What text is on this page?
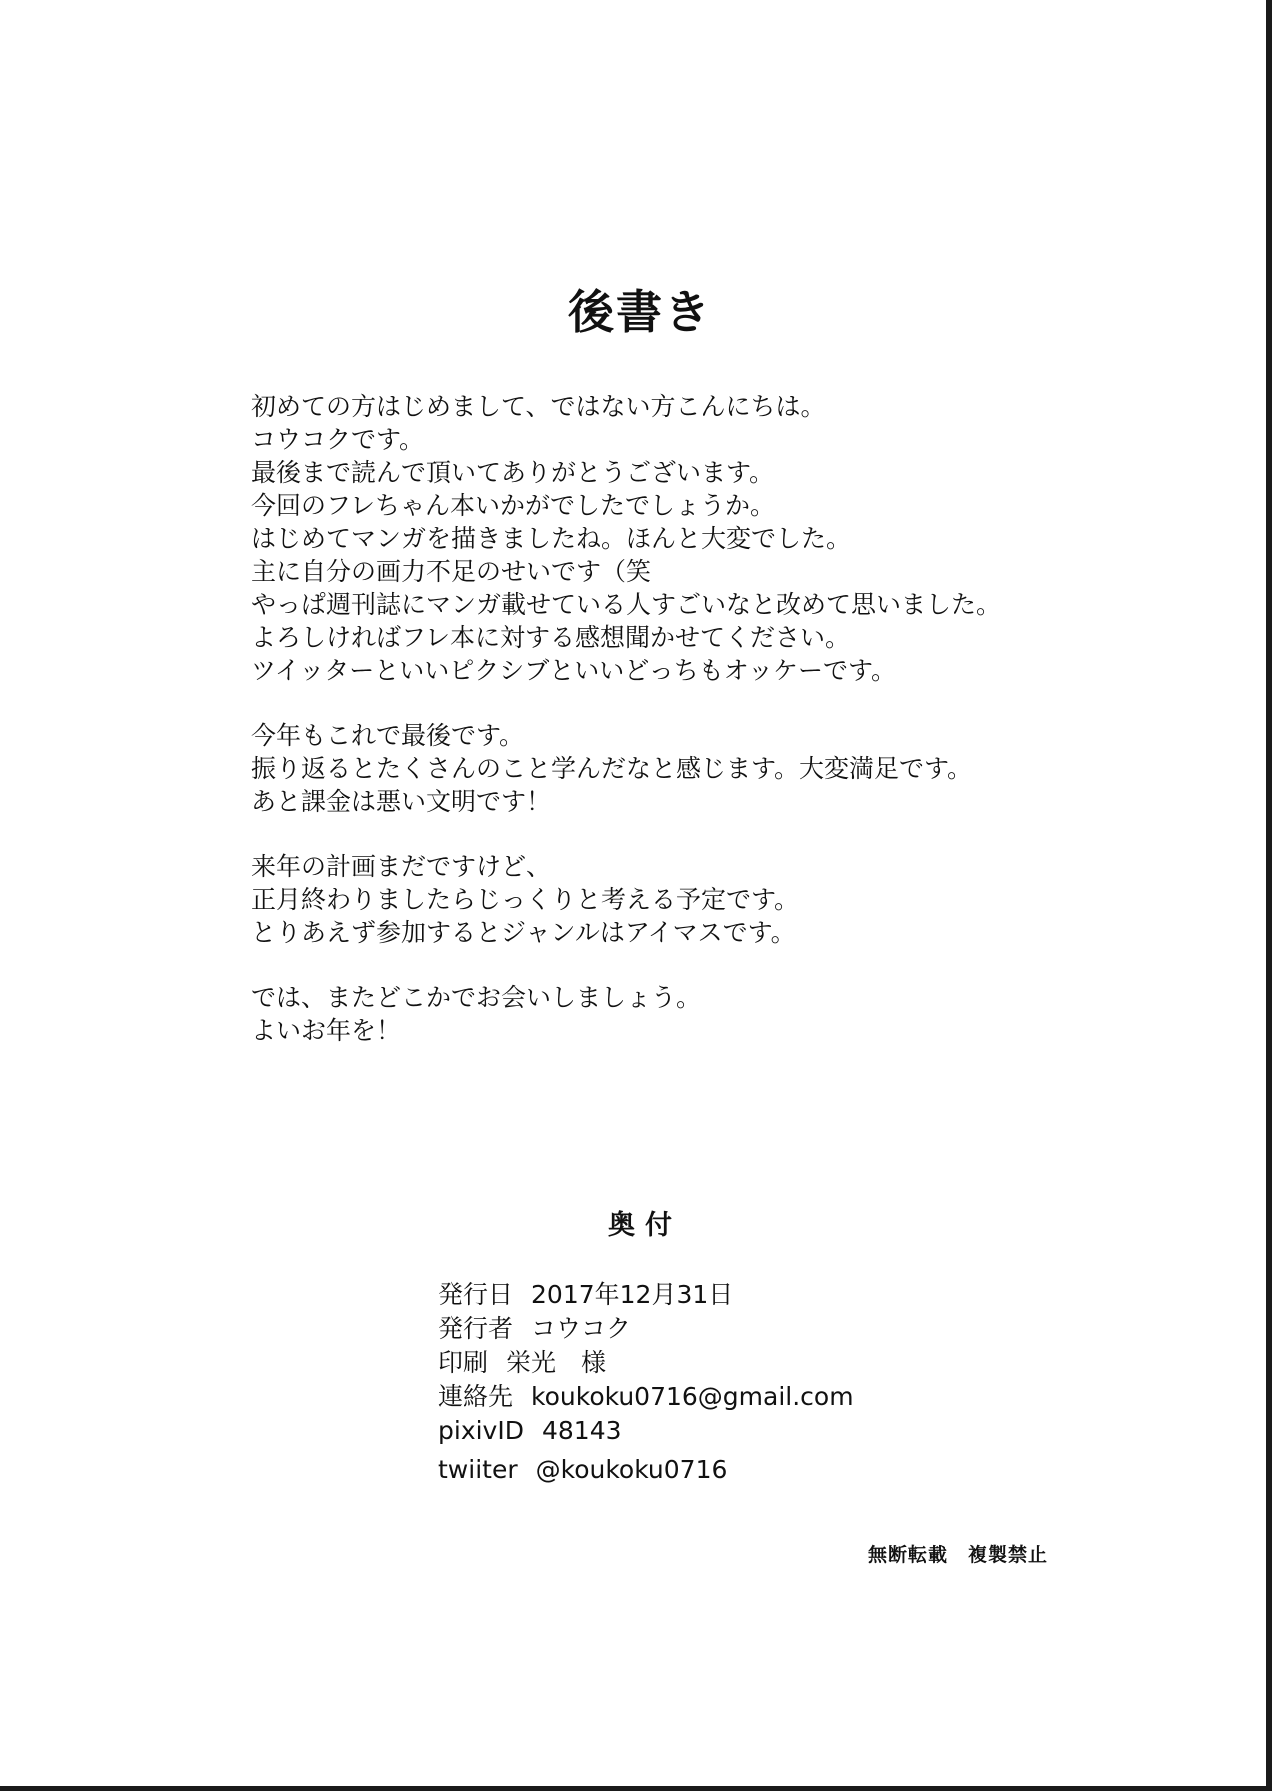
後書き

初めての方はじめまして、ではない方こんにちは。

コウコクです。

最後まで読んで頂いてありがとうございます。

今回のフレちゃん本いかがでしたでしょうか。

はじめてマンガを描きましたね。ほんと大変でした。

主に自分の画力不足のせいです（笑

やっぱ週刊誌にマンガ載せている人すごいなと改めて思いました。

よろしければフレ本に対する感想聞かせてください。

ツイッターといいピクシブといいどっちもオッケーです。

今年もこれで最後です。

振り返るとたくさんのこと学んだなと感じます。大変満足です。

あと課金は悪い文明です！

来年の計画まだですけど、

正月終わりましたらじっくりと考える予定です。

とりあえず参加するとジャンルはアイマスです。

では、またどこかでお会いしましょう。

よいお年を！

奥付
発行日 2017年12月31日
発行者 コウコク
印刷 栄光　様
連絡先 koukoku0716@gmail.com
pixivID 48143
twiiter @koukoku0716
無断転載　複製禁止
